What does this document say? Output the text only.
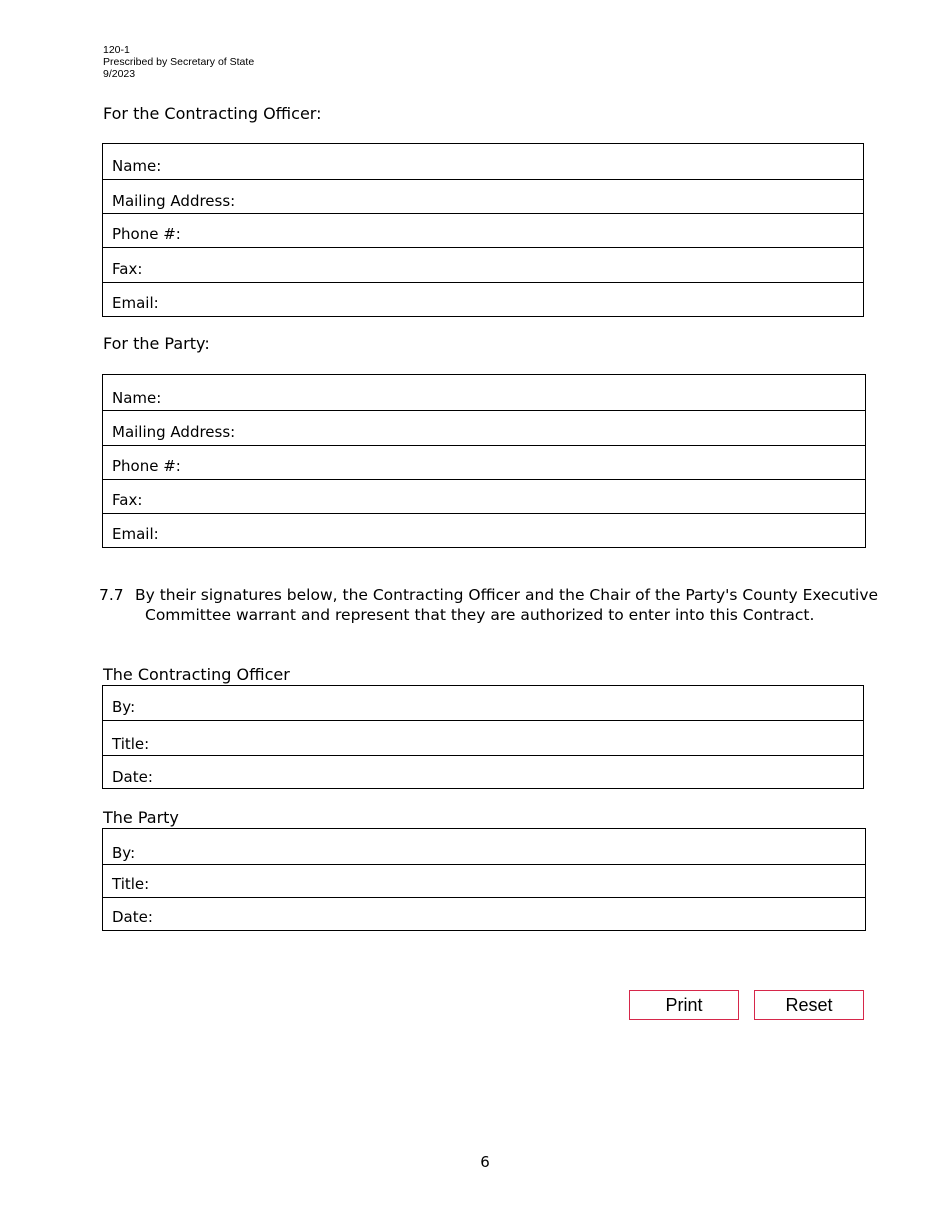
120-1
Prescribed by Secretary of State
9/2023
For the Contracting Officer:
Name:
Mailing Address:
Phone #:
Fax:
Email:
For the Party:
Name:
Mailing Address:
Phone #:
Fax:
Email:
7.7 By their signatures below, the Contracting Officer and the Chair of the Party's County Executive
Committee warrant and represent that they are authorized to enter into this Contract.
The Contracting Officer
By:
Title:
Date:
The Party
By:
Title:
Date:
Print	Reset
6
